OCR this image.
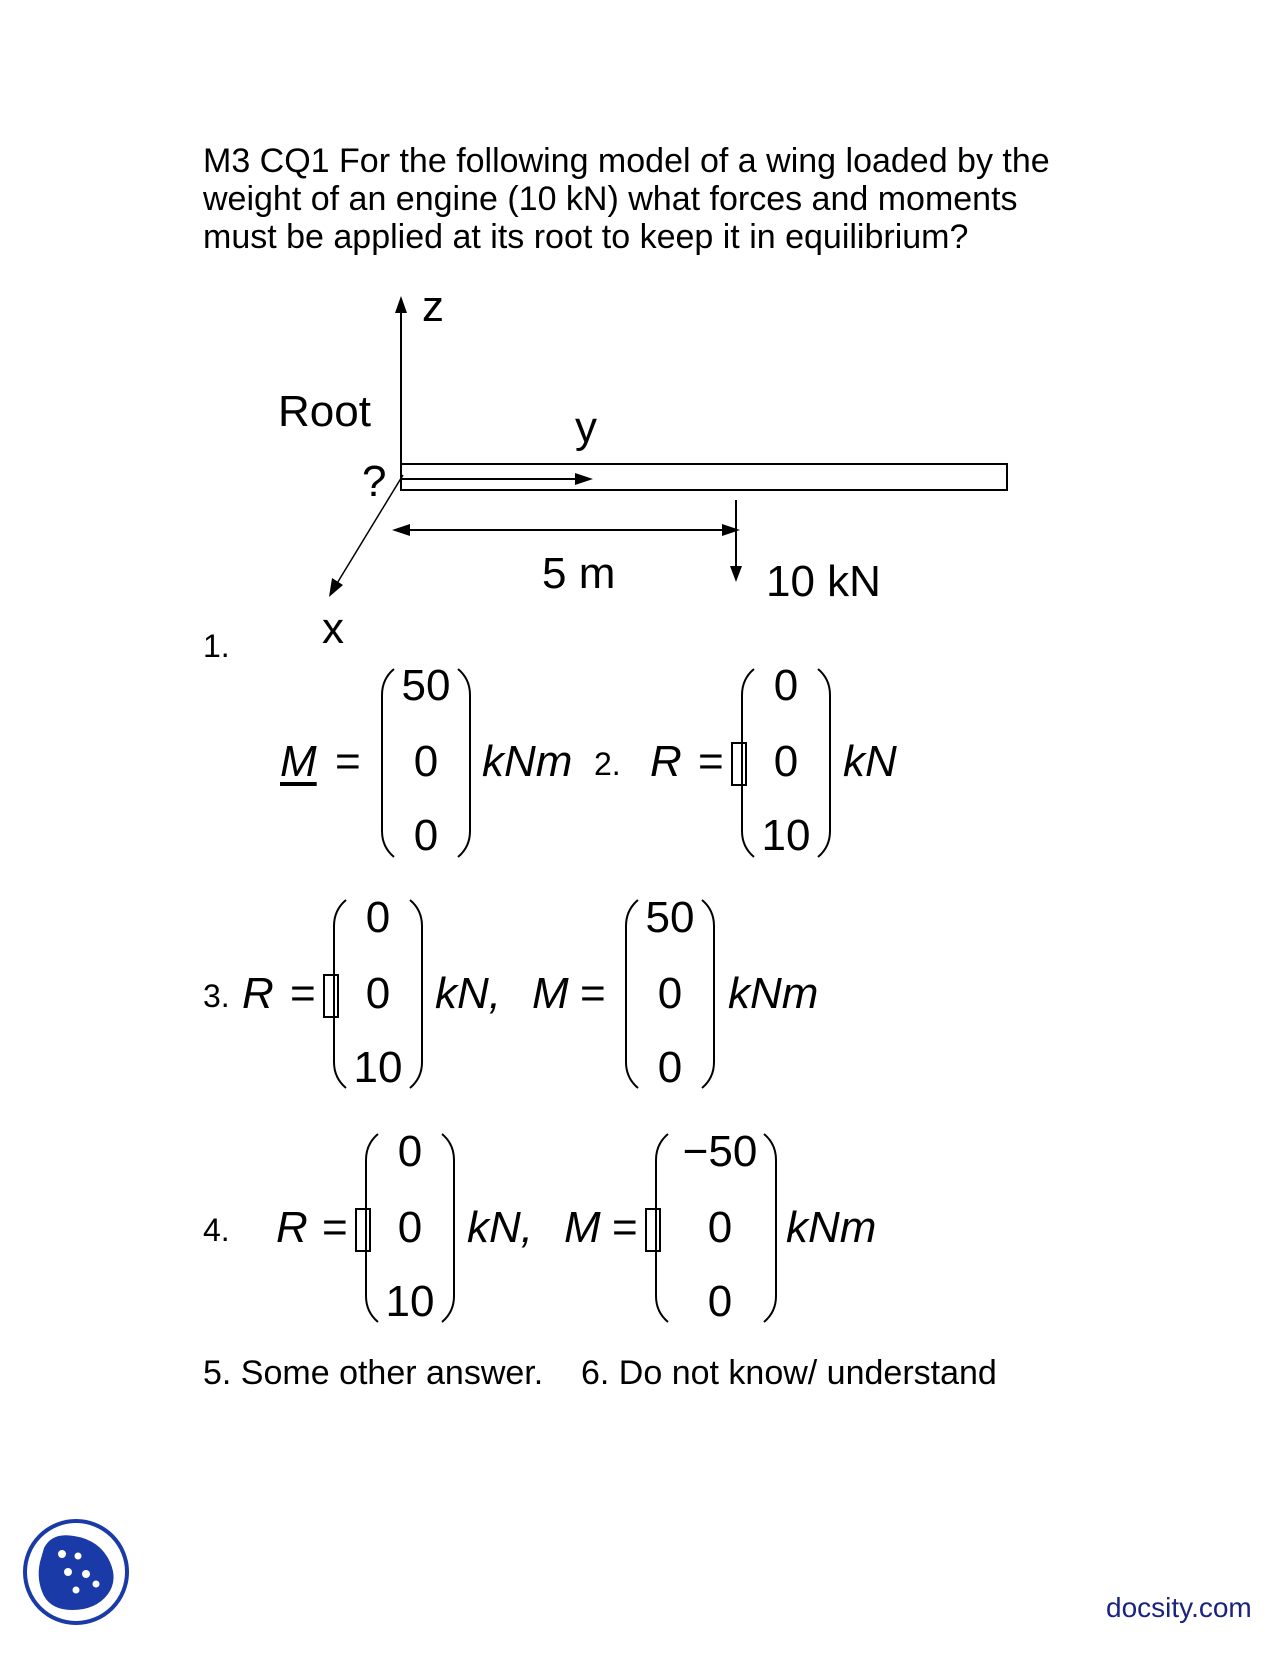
M3 CQ1 For the following model of a wing loaded by the
weight of an engine (10 kN) what forces and moments
must be applied at its root to keep it in equilibrium?
z
Root	y
?
5 m	10 kN
x
1.
M =
50
0
0
kNm 2. R =
0
0
10
kN
3. R =
0
0
10
kN, M =
50
0
0
kNm
4. R =
0
0
10
kN, M =
−50
0
0
kNm
5. Some other answer. 6. Do not know/ understand
docsity.com
